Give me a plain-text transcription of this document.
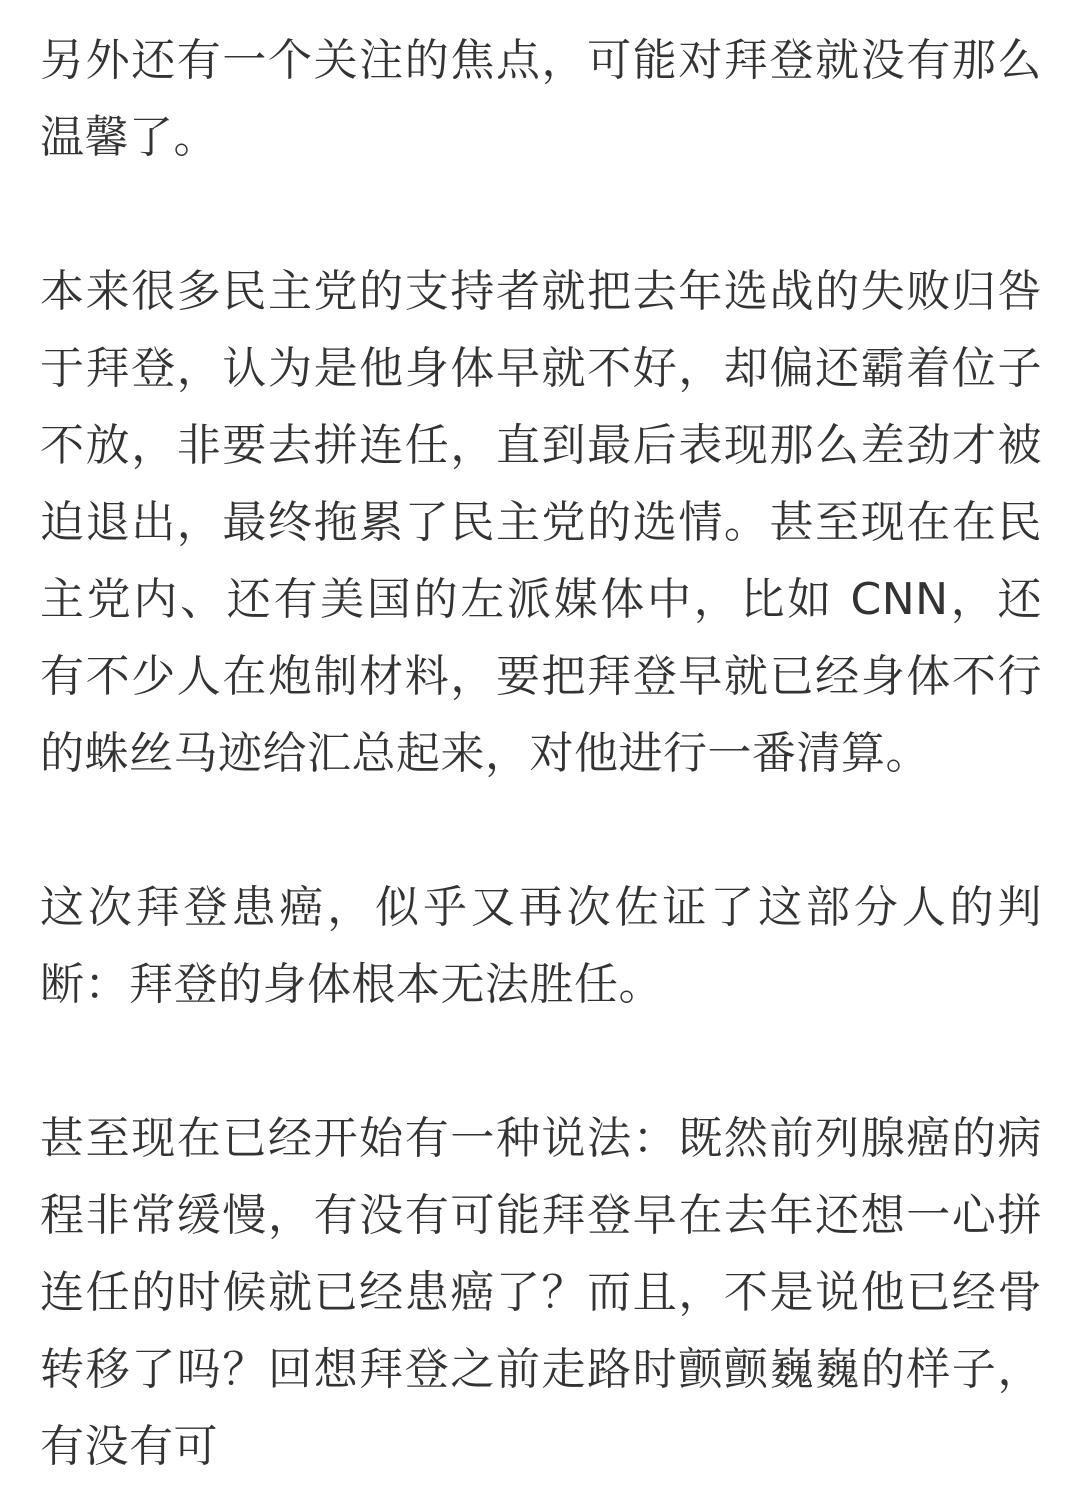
另外还有一个关注的焦点，可能对拜登就没有那么温馨了。

本来很多民主党的支持者就把去年选战的失败归咎于拜登，认为是他身体早就不好，却偏还霸着位子不放，非要去拼连任，直到最后表现那么差劲才被迫退出，最终拖累了民主党的选情。甚至现在在民主党内、还有美国的左派媒体中，比如 CNN，还有不少人在炮制材料，要把拜登早就已经身体不行的蛛丝马迹给汇总起来，对他进行一番清算。

这次拜登患癌，似乎又再次佐证了这部分人的判断：拜登的身体根本无法胜任。

甚至现在已经开始有一种说法：既然前列腺癌的病程非常缓慢，有没有可能拜登早在去年还想一心拼连任的时候就已经患癌了？而且，不是说他已经骨转移了吗？回想拜登之前走路时颤颤巍巍的样子，有没有可
